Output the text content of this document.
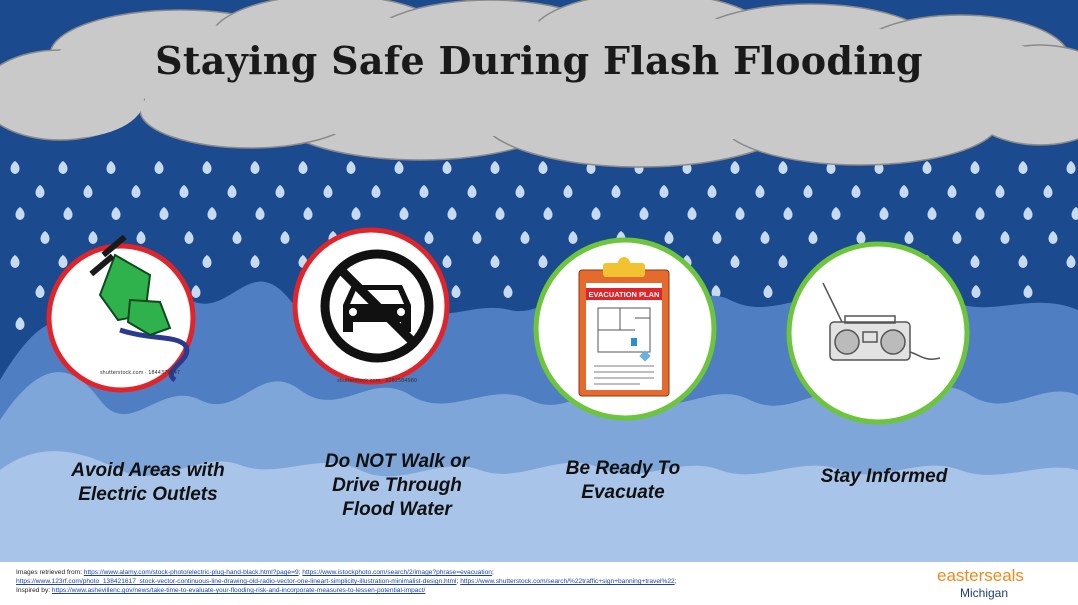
shutterstock.com · 1844379247
shutterstock.com · 2062584980
EVACUATION PLAN
Staying Safe During Flash Flooding
Avoid Areas with
Electric Outlets
Do NOT Walk or
Drive Through
Flood Water
Be Ready To
Evacuate
Stay Informed
Images retrieved from: https://www.alamy.com/stock-photo/electric-plug-hand-black.html?page=9; https://www.istockphoto.com/search/2/image?phrase=evacuation;
https://www.123rf.com/photo_138421617_stock-vector-continuous-line-drawing-old-radio-vector-one-lineart-simplicity-illustration-minimalist-design.html; https://www.shutterstock.com/search/%22traffic+sign+banning+travel%22;
Inspired by: https://www.ashevillenc.gov/news/take-time-to-evaluate-your-flooding-risk-and-incorporate-measures-to-lessen-potential-impact/
easterseals
Michigan
